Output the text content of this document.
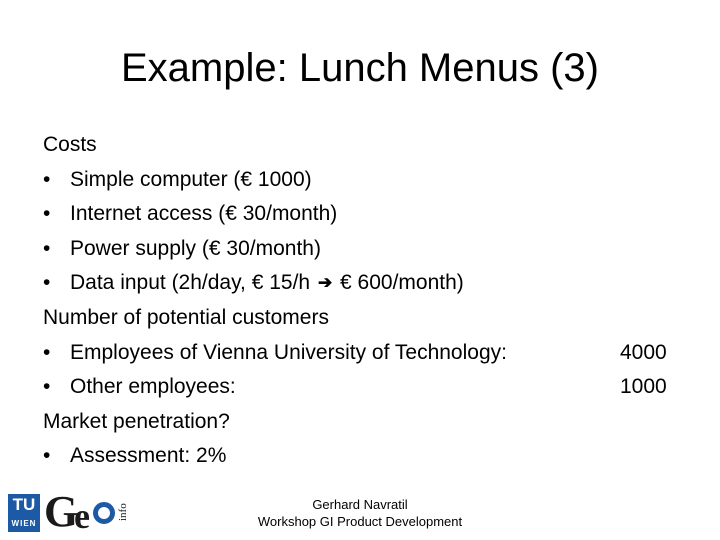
Example: Lunch Menus (3)
Costs
• Simple computer (€ 1000)
• Internet access (€ 30/month)
• Power supply (€ 30/month)
• Data input (2h/day, € 15/h ➔ € 600/month)
Number of potential customers
• Employees of Vienna University of Technology:	4000
• Other employees:	1000
Market penetration?
• Assessment: 2%
TU
WIEN G
e info	Gerhard Navratil
Workshop GI Product Development
